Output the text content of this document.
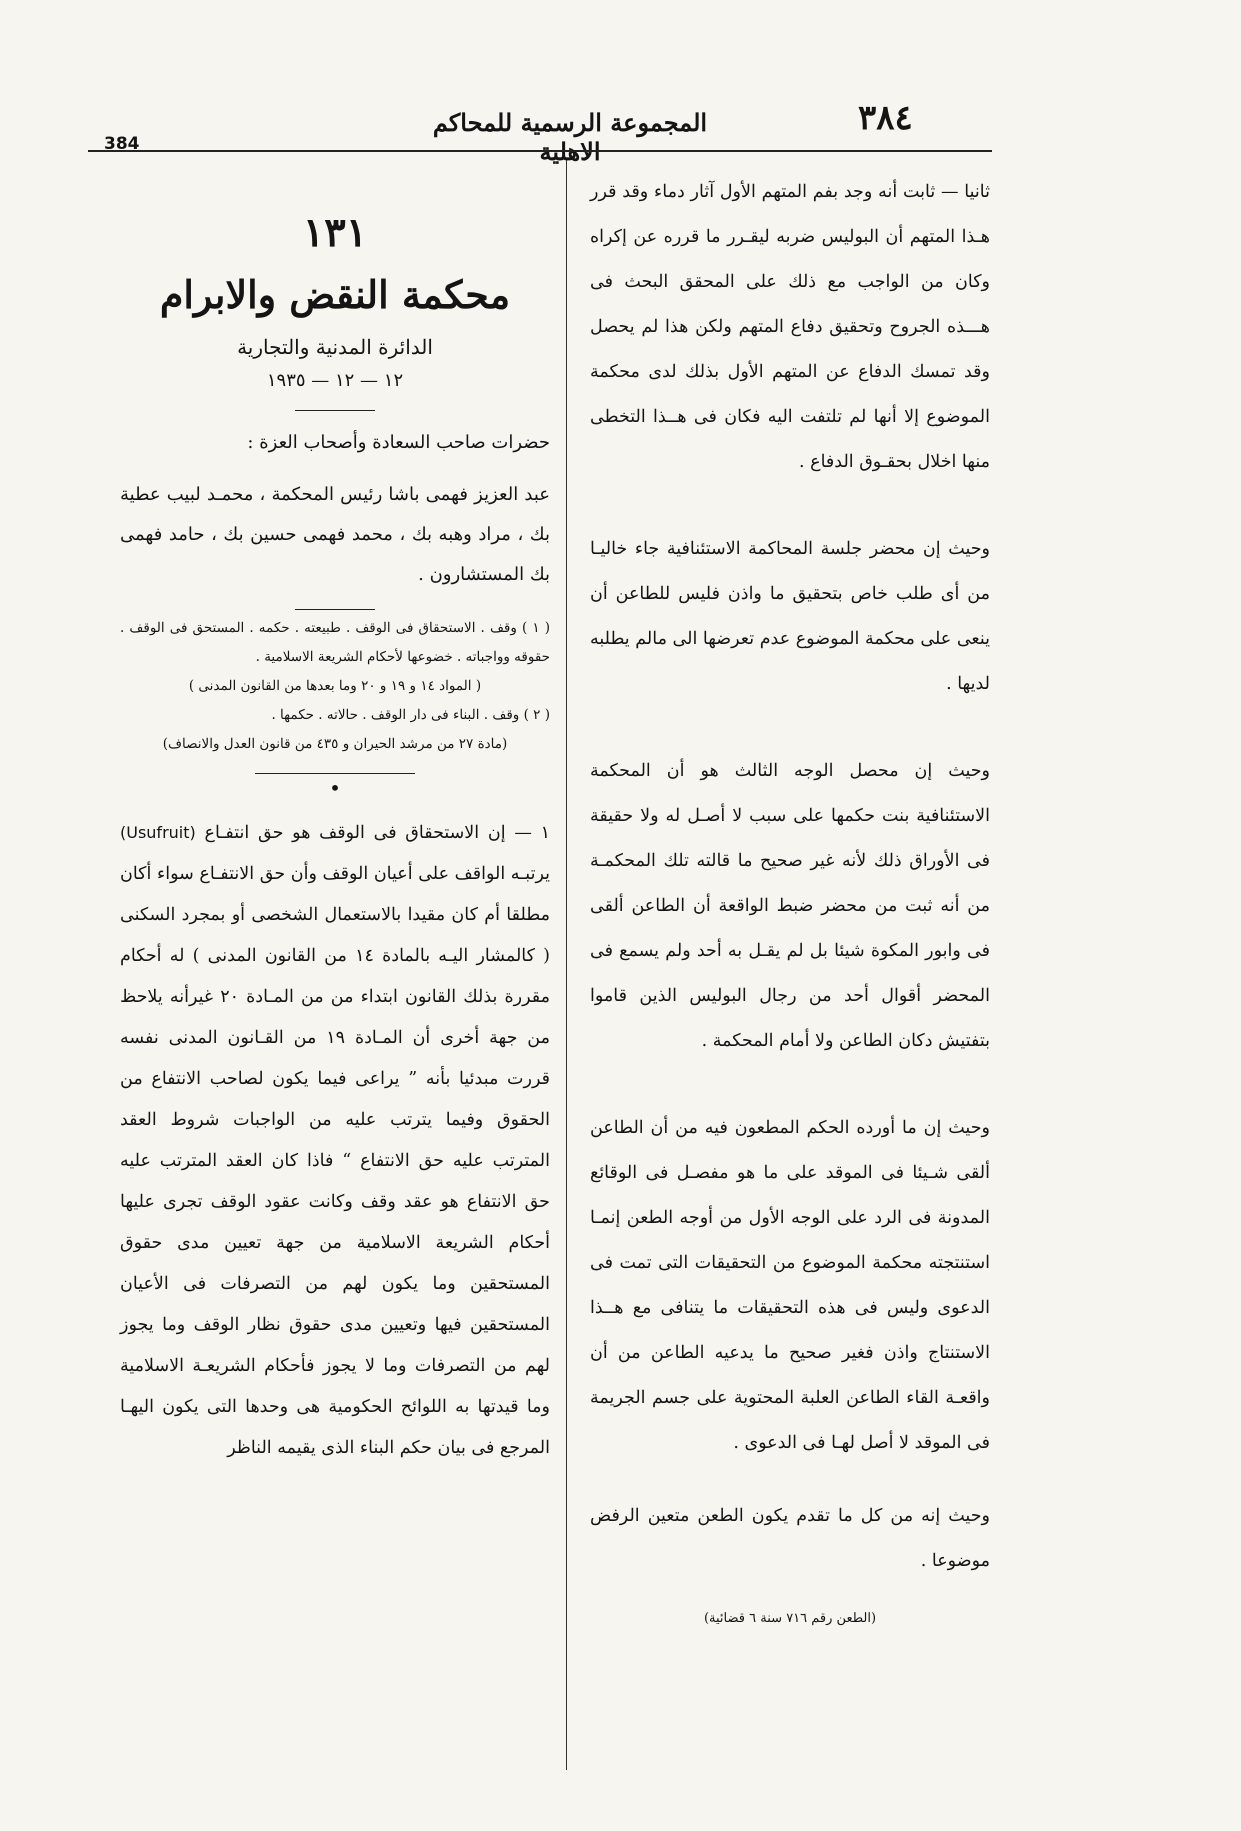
٣٨٤
المجموعة الرسمية للمحاكم الاهلية
384

ثانيا — ثابت أنه وجد بفم المتهم الأول آثار دماء وقد قرر هـذا المتهم أن البوليس ضربه ليقـرر ما قرره عن إكراه وكان من الواجب مع ذلك على المحقق البحث فى هـــذه الجروح وتحقيق دفاع المتهم ولكن هذا لم يحصل وقد تمسك الدفاع عن المتهم الأول بذلك لدى محكمة الموضوع إلا أنها لم تلتفت اليه فكان فى هــذا التخطى منها اخلال بحقـوق الدفاع .

وحيث إن محضر جلسة المحاكمة الاستئنافية جاء خاليـا من أى طلب خاص بتحقيق ما واذن فليس للطاعن أن ينعى على محكمة الموضوع عدم تعرضها الى مالم يطلبه لديها .

وحيث إن محصل الوجه الثالث هو أن المحكمة الاستئنافية بنت حكمها على سبب لا أصـل له ولا حقيقة فى الأوراق ذلك لأنه غير صحيح ما قالته تلك المحكمـة من أنه ثبت من محضر ضبط الواقعة أن الطاعن ألقى فى وابور المكوة شيئا بل لم يقـل به أحد ولم يسمع فى المحضر أقوال أحد من رجال البوليس الذين قاموا بتفتيش دكان الطاعن ولا أمام المحكمة .

وحيث إن ما أورده الحكم المطعون فيه من أن الطاعن ألقى شـيئا فى الموقد على ما هو مفصـل فى الوقائع المدونة فى الرد على الوجه الأول من أوجه الطعن إنمـا استنتجته محكمة الموضوع من التحقيقات التى تمت فى الدعوى وليس فى هذه التحقيقات ما يتنافى مع هــذا الاستنتاج واذن فغير صحيح ما يدعيه الطاعن من أن واقعـة القاء الطاعن العلبة المحتوية على جسم الجريمة فى الموقد لا أصل لهـا فى الدعوى .

وحيث إنه من كل ما تقدم يكون الطعن متعين الرفض موضوعا .

(الطعن رقم ٧١٦ سنة ٦ قضائية)

١٣١
محكمة النقض والابرام
الدائرة المدنية والتجارية
١٢ — ١٢ — ١٩٣٥

حضرات صاحب السعادة وأصحاب العزة :

عبد العزيز فهمى باشا رئيس المحكمة ، محمـد لبيب عطية بك ، مراد وهبه بك ، محمد فهمى حسين بك ، حامد فهمى بك المستشارون .

( ١ ) وقف . الاستحقاق فى الوقف . طبيعته . حكمه . المستحق فى الوقف . حقوقه وواجباته . خضوعها لأحكام الشريعة الاسلامية .

( المواد ١٤ و ١٩ و ٢٠ وما بعدها من القانون المدنى )

( ٢ ) وقف . البناء فى دار الوقف . حالاته . حكمها .

(مادة ٢٧ من مرشد الحيران و ٤٣٥ من قانون العدل والانصاف)

•

١ — إن الاستحقاق فى الوقف هو حق انتفـاع (Usufruit) يرتبـه الواقف على أعيان الوقف وأن حق الانتفـاع سواء أكان مطلقا أم كان مقيدا بالاستعمال الشخصى أو بمجرد السكنى ( كالمشار اليـه بالمادة ١٤ من القانون المدنى ) له أحكام مقررة بذلك القانون ابتداء من من المـادة ٢٠ غيرأنه يلاحظ من جهة أخرى أن المـادة ١٩ من القـانون المدنى نفسه قررت مبدئيا بأنه ” يراعى فيما يكون لصاحب الانتفاع من الحقوق وفيما يترتب عليه من الواجبات شروط العقد المترتب عليه حق الانتفاع “ فاذا كان العقد المترتب عليه حق الانتفاع هو عقد وقف وكانت عقود الوقف تجرى عليها أحكام الشريعة الاسلامية من جهة تعيين مدى حقوق المستحقين وما يكون لهم من التصرفات فى الأعيان المستحقين فيها وتعيين مدى حقوق نظار الوقف وما يجوز لهم من التصرفات وما لا يجوز فأحكام الشريعـة الاسلامية وما قيدتها به اللوائح الحكومية هى وحدها التى يكون اليهـا المرجع فى بيان حكم البناء الذى يقيمه الناظر
